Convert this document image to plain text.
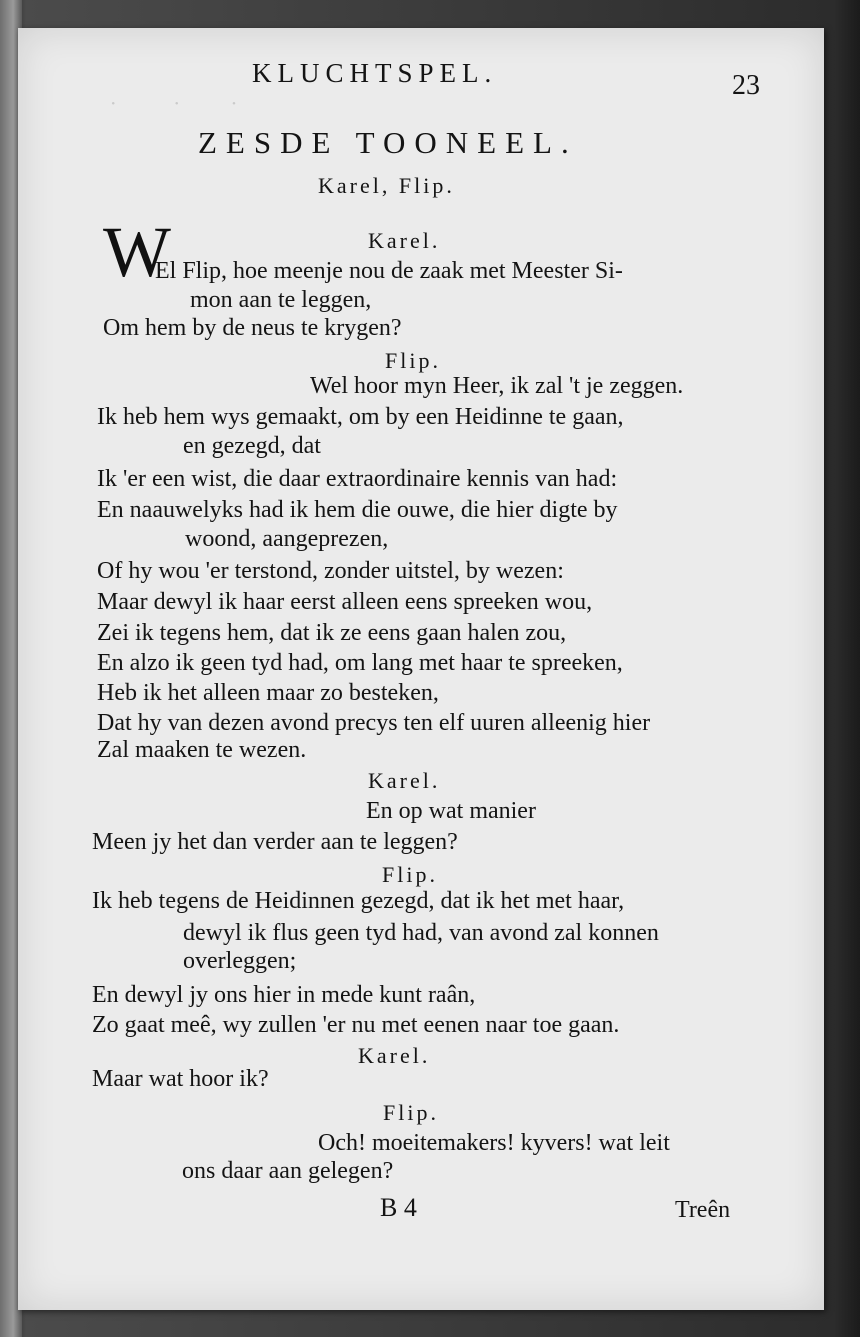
·        ·         ·
KLUCHTSPEL.	23
ZESDE TOONEEL.
Karel, Flip.
Karel.
W
El Flip, hoe meenje nou de zaak met Meester Si-
mon aan te leggen,
Om hem by de neus te krygen?
Flip.
Wel hoor myn Heer, ik zal 't je zeggen.
Ik heb hem wys gemaakt, om by een Heidinne te gaan,
en gezegd, dat
Ik 'er een wist, die daar extraordinaire kennis van had:
En naauwelyks had ik hem die ouwe, die hier digte by
woond, aangeprezen,
Of hy wou 'er terstond, zonder uitstel, by wezen:
Maar dewyl ik haar eerst alleen eens spreeken wou,
Zei ik tegens hem, dat ik ze eens gaan halen zou,
En alzo ik geen tyd had, om lang met haar te spreeken,
Heb ik het alleen maar zo besteken,
Dat hy van dezen avond precys ten elf uuren alleenig hier
Zal maaken te wezen.
Karel.
En op wat manier
Meen jy het dan verder aan te leggen?
Flip.
Ik heb tegens de Heidinnen gezegd, dat ik het met haar,
dewyl ik flus geen tyd had, van avond zal konnen
overleggen;
En dewyl jy ons hier in mede kunt raân,
Zo gaat meê, wy zullen 'er nu met eenen naar toe gaan.
Karel.
Maar wat hoor ik?
Flip.
Och! moeitemakers! kyvers! wat leit
ons daar aan gelegen?
B 4	Treên
